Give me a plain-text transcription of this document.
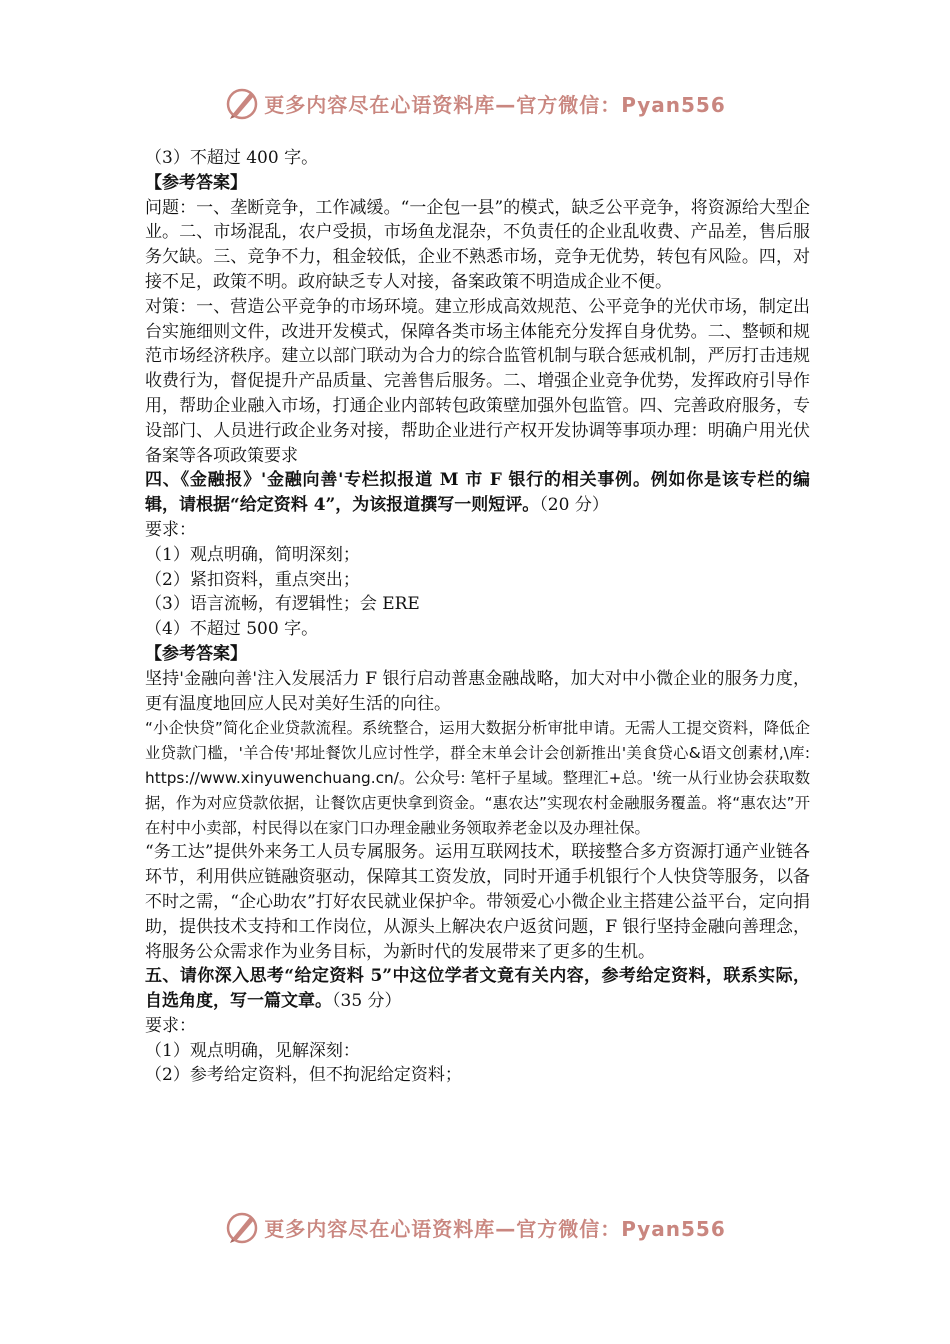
更多内容尽在心语资料库—官方微信：Pyan556

（3）不超过 400 字。

【参考答案】

问题：一、垄断竞争，工作减缓。“一企包一县”的模式，缺乏公平竞争，将资源给大型企业。二、市场混乱，农户受损，市场鱼龙混杂，不负责任的企业乱收费、产品差，售后服务欠缺。三、竞争不力，租金较低，企业不熟悉市场，竞争无优势，转包有风险。四，对接不足，政策不明。政府缺乏专人对接，备案政策不明造成企业不便。

对策：一、营造公平竞争的市场环境。建立形成高效规范、公平竞争的光伏市场，制定出台实施细则文件，改进开发模式，保障各类市场主体能充分发挥自身优势。二、整顿和规范市场经济秩序。建立以部门联动为合力的综合监管机制与联合惩戒机制，严厉打击违规收费行为，督促提升产品质量、完善售后服务。二、增强企业竞争优势，发挥政府引导作用，帮助企业融入市场，打通企业内部转包政策壁加强外包监管。四、完善政府服务，专设部门、人员进行政企业务对接，帮助企业进行产权开发协调等事项办理：明确户用光伏备案等各项政策要求

四、《金融报》'金融向善'专栏拟报道 M 市 F 银行的相关事例。例如你是该专栏的编辑，请根据“给定资料 4”，为该报道撰写一则短评。（20 分）

要求：

（1）观点明确，简明深刻；

（2）紧扣资料，重点突出；

（3）语言流畅，有逻辑性；会 ERE

（4）不超过 500 字。

【参考答案】

坚持'金融向善'注入发展活力 F 银行启动普惠金融战略，加大对中小微企业的服务力度，更有温度地回应人民对美好生活的向往。

“小企快贷”简化企业贷款流程。系统整合，运用大数据分析审批申请。无需人工提交资料，降低企业贷款门槛，'羊合传'邦址餐饮儿应讨性学，群全末单会计会创新推出'美食贷心&语文创素材,\库: https://www.xinyuwenchuang.cn/。公众号: 笔杆子星域。整理汇+总。'统一从行业协会获取数据，作为对应贷款依据，让餐饮店更快拿到资金。“惠农达”实现农村金融服务覆盖。将“惠农达”开在村中小卖部，村民得以在家门口办理金融业务领取养老金以及办理社保。

“务工达”提供外来务工人员专属服务。运用互联网技术，联接整合多方资源打通产业链各环节，利用供应链融资驱动，保障其工资发放，同时开通手机银行个人快贷等服务，以备不时之需，“企心助农”打好农民就业保护伞。带领爱心小微企业主搭建公益平台，定向捐助，提供技术支持和工作岗位，从源头上解决农户返贫问题，F 银行坚持金融向善理念，将服务公众需求作为业务目标，为新时代的发展带来了更多的生机。

五、请你深入思考“给定资料 5”中这位学者文竟有关内容，参考给定资料，联系实际，自选角度，写一篇文章。（35 分）

要求：

（1）观点明确，见解深刻：

（2）参考给定资料，但不拘泥给定资料；

更多内容尽在心语资料库—官方微信：Pyan556
